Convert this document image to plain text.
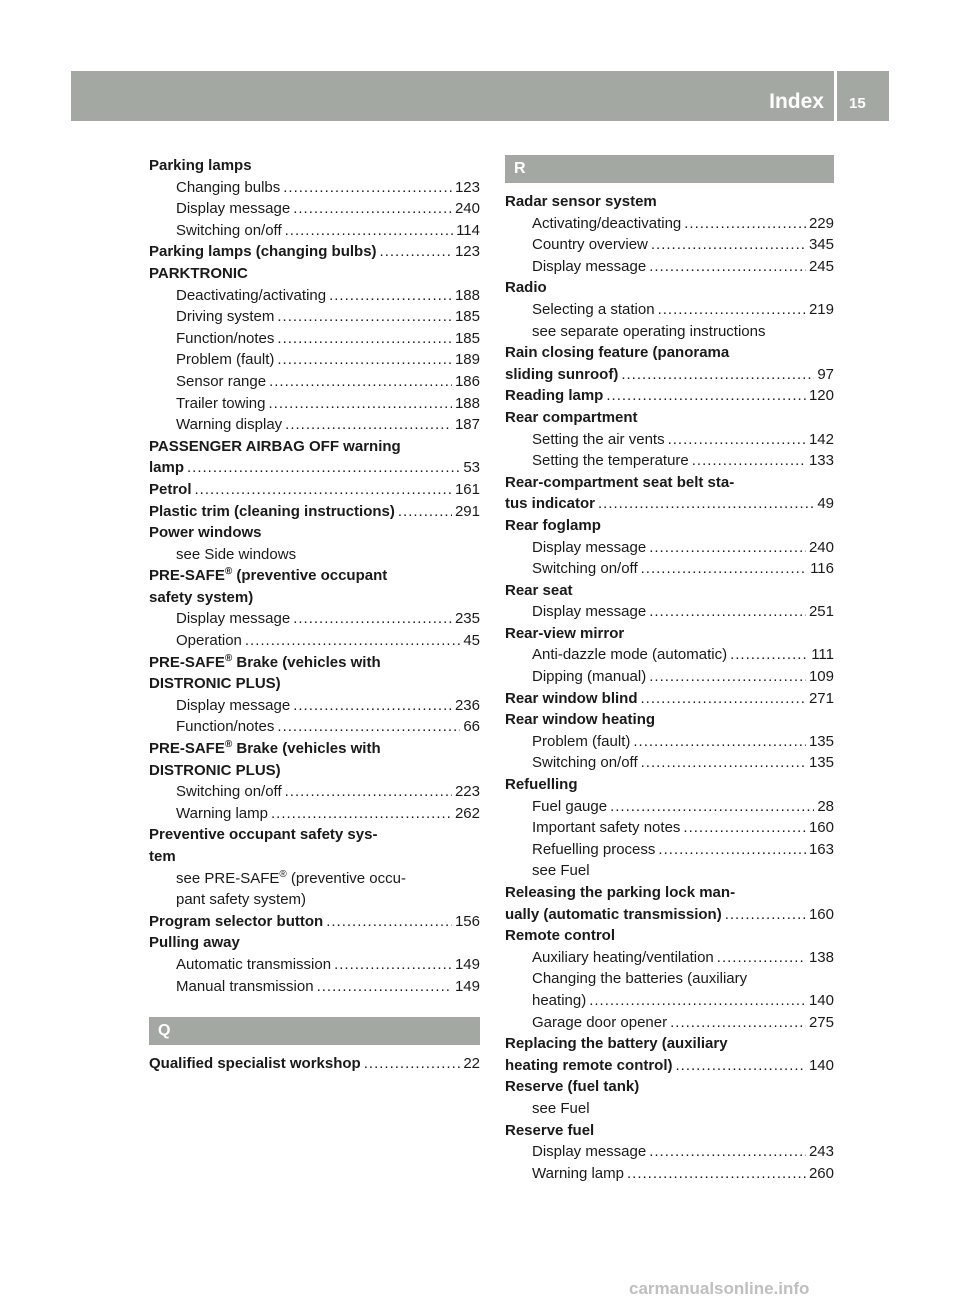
Index	15
Parking lamps
Changing bulbs .....	123
Display message .....	240
Switching on/off .....	114
Parking lamps (changing bulbs) .....	123
PARKTRONIC
Deactivating/activating .....	188
Driving system .....	185
Function/notes .....	185
Problem (fault) .....	189
Sensor range .....	186
Trailer towing .....	188
Warning display .....	187
PASSENGER AIRBAG OFF warning
lamp .....	53
Petrol .....	161
Plastic trim (cleaning instructions) .....	291
Power windows
see Side windows
PRE-SAFE® (preventive occupant
safety system)
Display message .....	235
Operation .....	45
PRE-SAFE® Brake (vehicles with
DISTRONIC PLUS)
Display message .....	236
Function/notes .....	66
PRE-SAFE® Brake (vehicles with
DISTRONIC PLUS)
Switching on/off .....	223
Warning lamp .....	262
Preventive occupant safety sys-
tem
see PRE-SAFE® (preventive occu-
pant safety system)
Program selector button .....	156
Pulling away
Automatic transmission .....	149
Manual transmission .....	149
Q
Qualified specialist workshop .....	22
R
Radar sensor system
Activating/deactivating .....	229
Country overview .....	345
Display message .....	245
Radio
Selecting a station .....	219
see separate operating instructions
Rain closing feature (panorama
sliding sunroof) .....	97
Reading lamp .....	120
Rear compartment
Setting the air vents .....	142
Setting the temperature .....	133
Rear-compartment seat belt sta-
tus indicator .....	49
Rear foglamp
Display message .....	240
Switching on/off .....	116
Rear seat
Display message .....	251
Rear-view mirror
Anti-dazzle mode (automatic) .....	111
Dipping (manual) .....	109
Rear window blind .....	271
Rear window heating
Problem (fault) .....	135
Switching on/off .....	135
Refuelling
Fuel gauge .....	28
Important safety notes .....	160
Refuelling process .....	163
see Fuel
Releasing the parking lock man-
ually (automatic transmission) .....	160
Remote control
Auxiliary heating/ventilation .....	138
Changing the batteries (auxiliary
heating) .....	140
Garage door opener .....	275
Replacing the battery (auxiliary
heating remote control) .....	140
Reserve (fuel tank)
see Fuel
Reserve fuel
Display message .....	243
Warning lamp .....	260
carmanualsonline.info
